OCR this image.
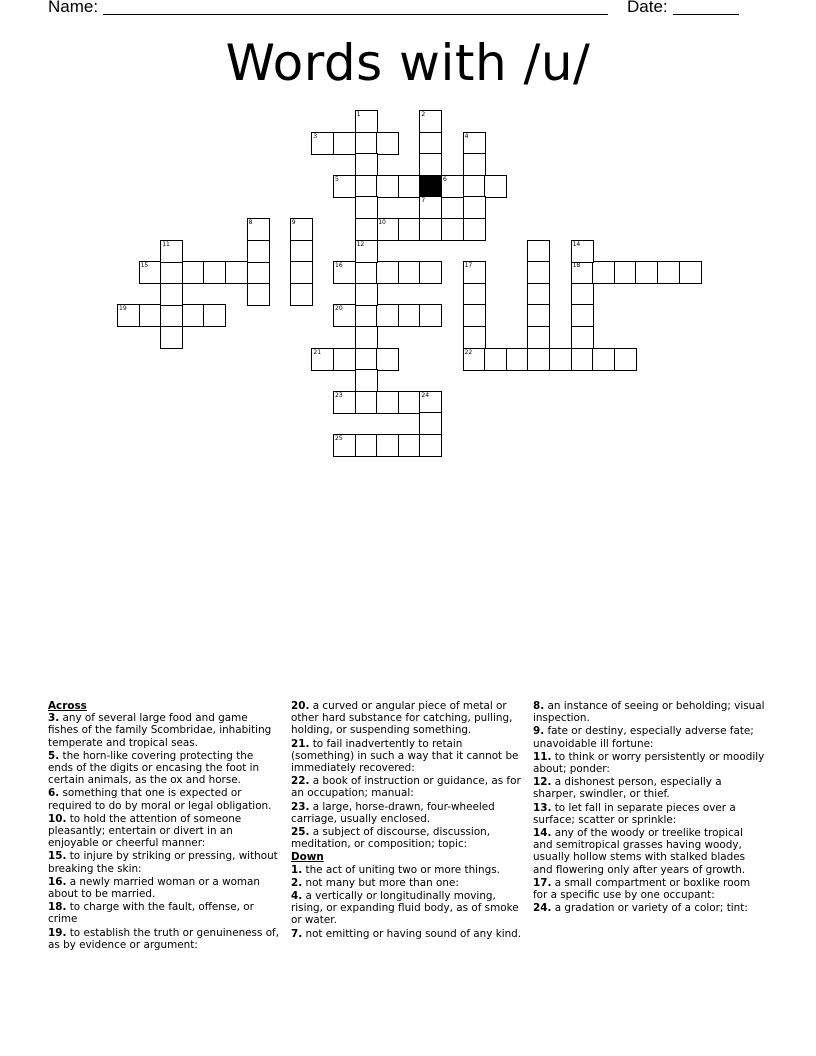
Name:	Date:
Words with /u/
3
5	6
10
15	16	18
19	20
21	22
23	24
25
1
12
2
7
4
8	9
11	14
17
Across
3. any of several large food and game fishes of the family Scombridae, inhabiting temperate and tropical seas.
5. the horn-like covering protecting the ends of the digits or encasing the foot in certain animals, as the ox and horse.
6. something that one is expected or required to do by moral or legal obligation.
10. to hold the attention of someone pleasantly; entertain or divert in an enjoyable or cheerful manner:
15. to injure by striking or pressing, without breaking the skin:
16. a newly married woman or a woman about to be married.
18. to charge with the fault, offense, or crime
19. to establish the truth or genuineness of, as by evidence or argument:
20. a curved or angular piece of metal or other hard substance for catching, pulling, holding, or suspending something.
21. to fail inadvertently to retain (something) in such a way that it cannot be immediately recovered:
22. a book of instruction or guidance, as for an occupation; manual:
23. a large, horse-drawn, four-wheeled carriage, usually enclosed.
25. a subject of discourse, discussion, meditation, or composition; topic:
Down
1. the act of uniting two or more things.
2. not many but more than one:
4. a vertically or longitudinally moving, rising, or expanding fluid body, as of smoke or water.
7. not emitting or having sound of any kind.
8. an instance of seeing or beholding; visual inspection.
9. fate or destiny, especially adverse fate; unavoidable ill fortune:
11. to think or worry persistently or moodily about; ponder:
12. a dishonest person, especially a sharper, swindler, or thief.
13. to let fall in separate pieces over a surface; scatter or sprinkle:
14. any of the woody or treelike tropical and semitropical grasses having woody, usually hollow stems with stalked blades and flowering only after years of growth.
17. a small compartment or boxlike room for a specific use by one occupant:
24. a gradation or variety of a color; tint:
